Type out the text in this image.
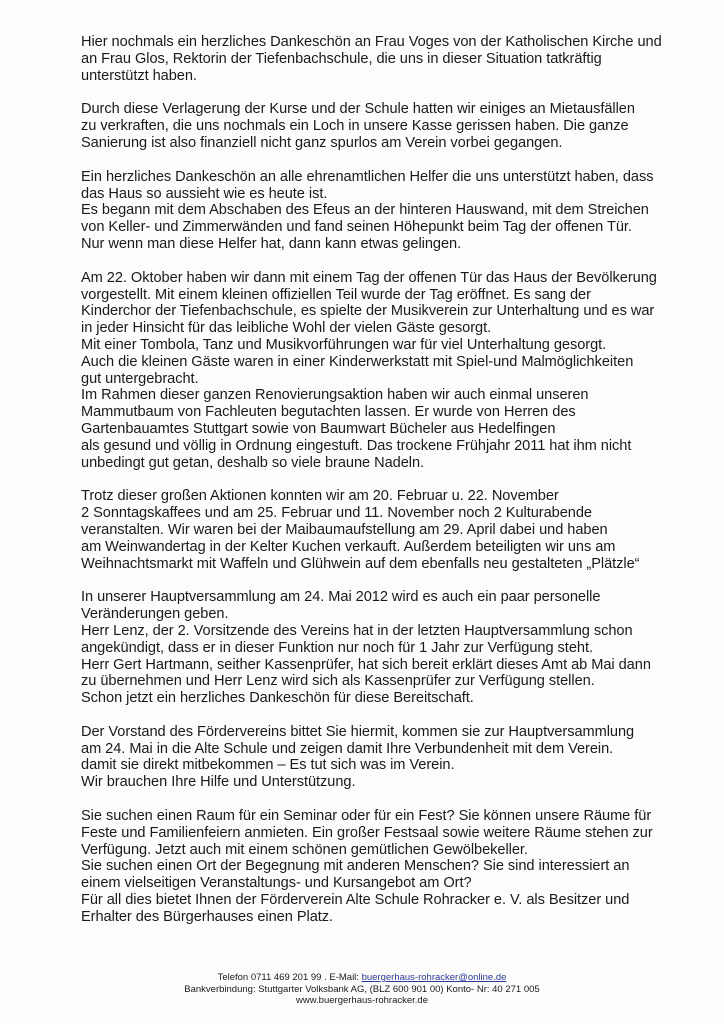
Hier nochmals ein herzliches Dankeschön an Frau Voges von der Katholischen Kirche und
an Frau Glos, Rektorin der Tiefenbachschule, die uns in dieser Situation tatkräftig
unterstützt haben.
Durch diese Verlagerung der Kurse und der Schule hatten wir einiges an Mietausfällen
zu verkraften, die uns nochmals ein Loch in unsere Kasse gerissen haben. Die ganze
Sanierung ist also finanziell nicht ganz spurlos am Verein vorbei gegangen.
Ein herzliches Dankeschön an alle ehrenamtlichen Helfer die uns unterstützt haben, dass
das Haus so aussieht wie es heute ist.
Es begann mit dem Abschaben des Efeus an der hinteren Hauswand, mit dem Streichen
von Keller- und Zimmerwänden und fand seinen Höhepunkt beim Tag der offenen Tür.
Nur wenn man diese Helfer hat, dann kann etwas gelingen.
Am 22. Oktober haben wir dann mit einem Tag der offenen Tür das Haus der Bevölkerung
vorgestellt. Mit einem kleinen offiziellen Teil wurde der Tag eröffnet. Es sang der
Kinderchor der Tiefenbachschule, es spielte der Musikverein zur Unterhaltung und es war
in jeder Hinsicht für das leibliche Wohl der vielen Gäste gesorgt.
Mit einer Tombola, Tanz und Musikvorführungen war für viel Unterhaltung gesorgt.
Auch die kleinen Gäste waren in einer Kinderwerkstatt mit Spiel-und Malmöglichkeiten
gut untergebracht.
Im Rahmen dieser ganzen Renovierungsaktion haben wir auch einmal unseren
Mammutbaum von Fachleuten begutachten lassen. Er wurde von Herren des
Gartenbauamtes Stuttgart sowie von Baumwart Bücheler aus Hedelfingen
als gesund und völlig in Ordnung eingestuft. Das trockene Frühjahr 2011 hat ihm nicht
unbedingt gut getan, deshalb so viele braune Nadeln.
Trotz dieser großen Aktionen konnten wir am 20. Februar u. 22. November
2 Sonntagskaffees und am 25. Februar und 11. November noch 2 Kulturabende
veranstalten. Wir waren bei der Maibaumaufstellung am 29. April dabei und haben
am Weinwandertag in der Kelter Kuchen verkauft. Außerdem beteiligten wir uns am
Weihnachtsmarkt mit Waffeln und Glühwein auf dem ebenfalls neu gestalteten „Plätzle“
In unserer Hauptversammlung am 24. Mai 2012 wird es auch ein paar personelle
Veränderungen geben.
Herr Lenz, der 2. Vorsitzende des Vereins hat in der letzten Hauptversammlung schon
angekündigt, dass er in dieser Funktion nur noch für 1 Jahr zur Verfügung steht.
Herr Gert Hartmann, seither Kassenprüfer, hat sich bereit erklärt dieses Amt ab Mai dann
zu übernehmen und Herr Lenz wird sich als Kassenprüfer zur Verfügung stellen.
Schon jetzt ein herzliches Dankeschön für diese Bereitschaft.
Der Vorstand des Fördervereins bittet Sie hiermit, kommen sie zur Hauptversammlung
am 24. Mai in die Alte Schule und zeigen damit Ihre Verbundenheit mit dem Verein.
damit sie direkt mitbekommen – Es tut sich was im Verein.
Wir brauchen Ihre Hilfe und Unterstützung.
Sie suchen einen Raum für ein Seminar oder für ein Fest? Sie können unsere Räume für
Feste und Familienfeiern anmieten. Ein großer Festsaal sowie weitere Räume stehen zur
Verfügung. Jetzt auch mit einem schönen gemütlichen Gewölbekeller.
Sie suchen einen Ort der Begegnung mit anderen Menschen? Sie sind interessiert an
einem vielseitigen Veranstaltungs- und Kursangebot am Ort?
Für all dies bietet Ihnen der Förderverein Alte Schule Rohracker e. V. als Besitzer und
Erhalter des Bürgerhauses einen Platz.
Telefon 0711 469 201 99 . E-Mail: buergerhaus-rohracker@online.de
Bankverbindung: Stuttgarter Volksbank AG, (BLZ 600 901 00) Konto- Nr: 40 271 005
www.buergerhaus-rohracker.de
